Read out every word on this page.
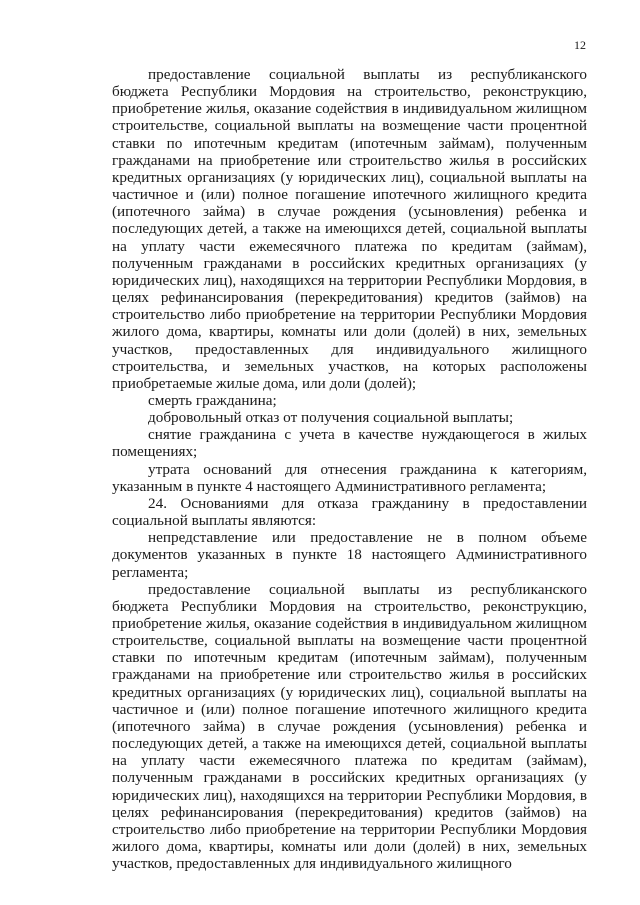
12

предоставление социальной выплаты из республиканского бюджета Республики Мордовия на строительство, реконструкцию, приобретение жилья, оказание содействия в индивидуальном жилищном строительстве, социальной выплаты на возмещение части процентной ставки по ипотечным кредитам (ипотечным займам), полученным гражданами на приобретение или строительство жилья в российских кредитных организациях (у юридических лиц), социальной выплаты на частичное и (или) полное погашение ипотечного жилищного кредита (ипотечного займа) в случае рождения (усыновления) ребенка и последующих детей, а также на имеющихся детей, социальной выплаты на уплату части ежемесячного платежа по кредитам (займам), полученным гражданами в российских кредитных организациях (у юридических лиц), находящихся на территории Республики Мордовия, в целях рефинансирования (перекредитования) кредитов (займов) на строительство либо приобретение на территории Республики Мордовия жилого дома, квартиры, комнаты или доли (долей) в них, земельных участков, предоставленных для индивидуального жилищного строительства, и земельных участков, на которых расположены приобретаемые жилые дома, или доли (долей);

смерть гражданина;

добровольный отказ от получения социальной выплаты;

снятие гражданина с учета в качестве нуждающегося в жилых помещениях;

утрата оснований для отнесения гражданина к категориям, указанным в пункте 4 настоящего Административного регламента;

24. Основаниями для отказа гражданину в предоставлении социальной выплаты являются:

непредставление или предоставление не в полном объеме документов указанных в пункте 18 настоящего Административного регламента;

предоставление социальной выплаты из республиканского бюджета Республики Мордовия на строительство, реконструкцию, приобретение жилья, оказание содействия в индивидуальном жилищном строительстве, социальной выплаты на возмещение части процентной ставки по ипотечным кредитам (ипотечным займам), полученным гражданами на приобретение или строительство жилья в российских кредитных организациях (у юридических лиц), социальной выплаты на частичное и (или) полное погашение ипотечного жилищного кредита (ипотечного займа) в случае рождения (усыновления) ребенка и последующих детей, а также на имеющихся детей, социальной выплаты на уплату части ежемесячного платежа по кредитам (займам), полученным гражданами в российских кредитных организациях (у юридических лиц), находящихся на территории Республики Мордовия, в целях рефинансирования (перекредитования) кредитов (займов) на строительство либо приобретение на территории Республики Мордовия жилого дома, квартиры, комнаты или доли (долей) в них, земельных участков, предоставленных для индивидуального жилищного
